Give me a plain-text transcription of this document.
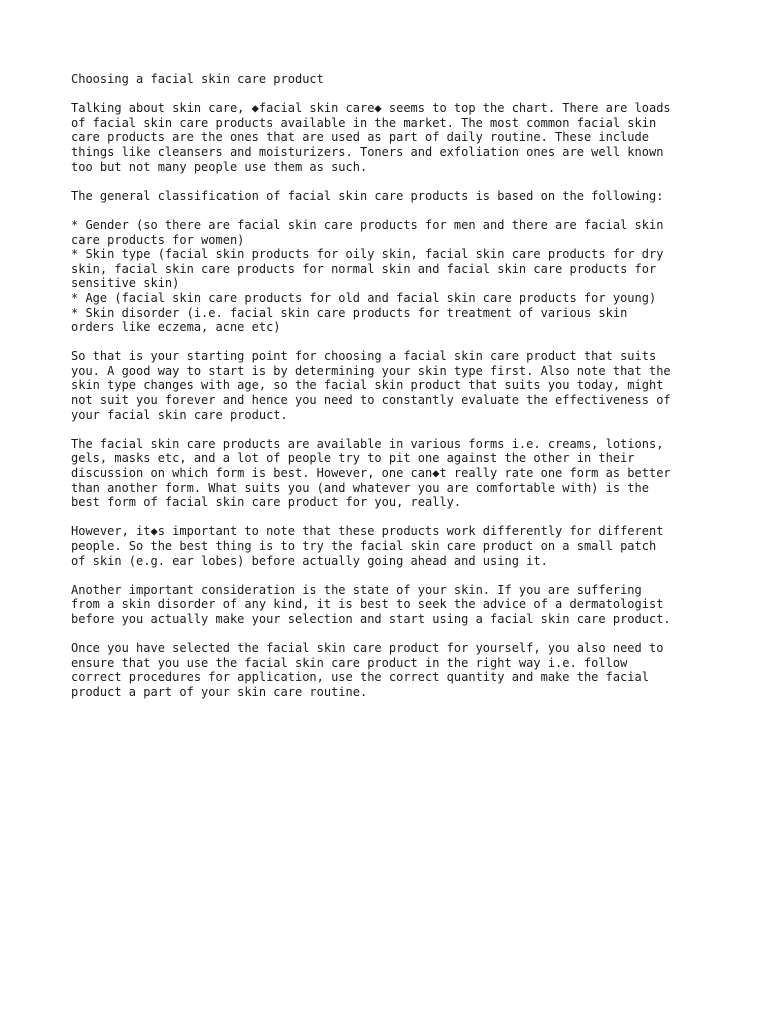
Choosing a facial skin care product
Talking about skin care, ◆facial skin care◆ seems to top the chart. There are loads
of facial skin care products available in the market. The most common facial skin
care products are the ones that are used as part of daily routine. These include
things like cleansers and moisturizers. Toners and exfoliation ones are well known
too but not many people use them as such.
The general classification of facial skin care products is based on the following:
* Gender (so there are facial skin care products for men and there are facial skin
care products for women)
* Skin type (facial skin products for oily skin, facial skin care products for dry
skin, facial skin care products for normal skin and facial skin care products for
sensitive skin)
* Age (facial skin care products for old and facial skin care products for young)
* Skin disorder (i.e. facial skin care products for treatment of various skin
orders like eczema, acne etc)
So that is your starting point for choosing a facial skin care product that suits
you. A good way to start is by determining your skin type first. Also note that the
skin type changes with age, so the facial skin product that suits you today, might
not suit you forever and hence you need to constantly evaluate the effectiveness of
your facial skin care product.
The facial skin care products are available in various forms i.e. creams, lotions,
gels, masks etc, and a lot of people try to pit one against the other in their
discussion on which form is best. However, one can◆t really rate one form as better
than another form. What suits you (and whatever you are comfortable with) is the
best form of facial skin care product for you, really.
However, it◆s important to note that these products work differently for different
people. So the best thing is to try the facial skin care product on a small patch
of skin (e.g. ear lobes) before actually going ahead and using it.
Another important consideration is the state of your skin. If you are suffering
from a skin disorder of any kind, it is best to seek the advice of a dermatologist
before you actually make your selection and start using a facial skin care product.
Once you have selected the facial skin care product for yourself, you also need to
ensure that you use the facial skin care product in the right way i.e. follow
correct procedures for application, use the correct quantity and make the facial
product a part of your skin care routine.
